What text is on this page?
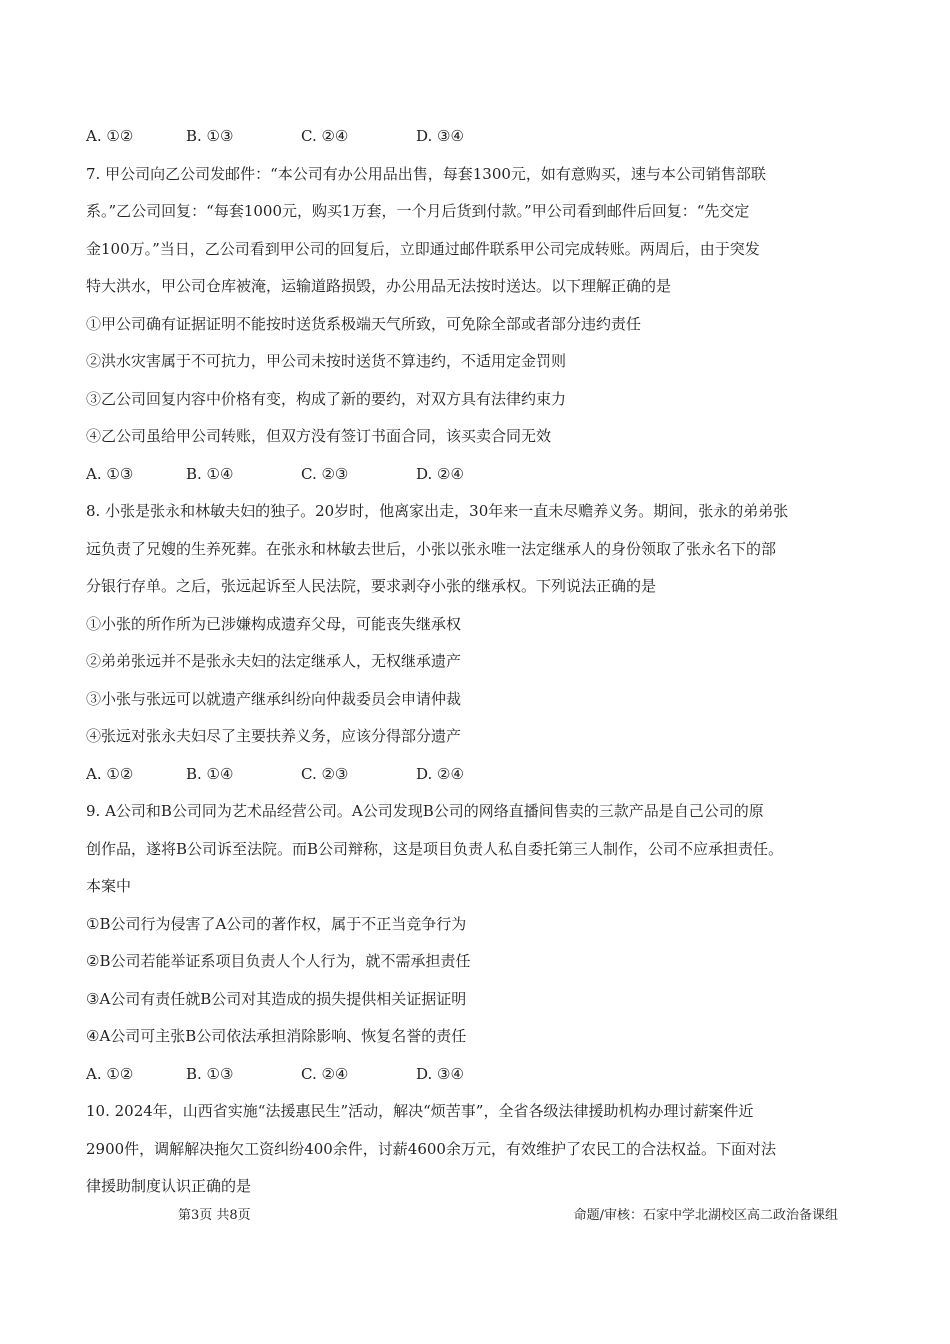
A. ①②	B. ①③	C. ②④	D. ③④
7. 甲公司向乙公司发邮件：“本公司有办公用品出售，每套1300元，如有意购买，速与本公司销售部联
系。”乙公司回复：“每套1000元，购买1万套，一个月后货到付款。”甲公司看到邮件后回复：“先交定
金100万。”当日，乙公司看到甲公司的回复后，立即通过邮件联系甲公司完成转账。两周后，由于突发
特大洪水，甲公司仓库被淹，运输道路损毁，办公用品无法按时送达。以下理解正确的是
①甲公司确有证据证明不能按时送货系极端天气所致，可免除全部或者部分违约责任
②洪水灾害属于不可抗力，甲公司未按时送货不算违约，不适用定金罚则
③乙公司回复内容中价格有变，构成了新的要约，对双方具有法律约束力
④乙公司虽给甲公司转账，但双方没有签订书面合同，该买卖合同无效
A. ①③	B. ①④	C. ②③	D. ②④
8. 小张是张永和林敏夫妇的独子。20岁时，他离家出走，30年来一直未尽赡养义务。期间，张永的弟弟张
远负责了兄嫂的生养死葬。在张永和林敏去世后，小张以张永唯一法定继承人的身份领取了张永名下的部
分银行存单。之后，张远起诉至人民法院，要求剥夺小张的继承权。下列说法正确的是
①小张的所作所为已涉嫌构成遗弃父母，可能丧失继承权
②弟弟张远并不是张永夫妇的法定继承人，无权继承遗产
③小张与张远可以就遗产继承纠纷向仲裁委员会申请仲裁
④张远对张永夫妇尽了主要扶养义务，应该分得部分遗产
A. ①②	B. ①④	C. ②③	D. ②④
9. A公司和B公司同为艺术品经营公司。A公司发现B公司的网络直播间售卖的三款产品是自己公司的原
创作品，遂将B公司诉至法院。而B公司辩称，这是项目负责人私自委托第三人制作，公司不应承担责任。
本案中
①B公司行为侵害了A公司的著作权，属于不正当竞争行为
②B公司若能举证系项目负责人个人行为，就不需承担责任
③A公司有责任就B公司对其造成的损失提供相关证据证明
④A公司可主张B公司依法承担消除影响、恢复名誉的责任
A. ①②	B. ①③	C. ②④	D. ③④
10. 2024年，山西省实施“法援惠民生”活动，解决“烦苦事”，全省各级法律援助机构办理讨薪案件近
2900件，调解解决拖欠工资纠纷400余件，讨薪4600余万元，有效维护了农民工的合法权益。下面对法
律援助制度认识正确的是
第3页 共8页	命题/审核：石家中学北湖校区高二政治备课组
